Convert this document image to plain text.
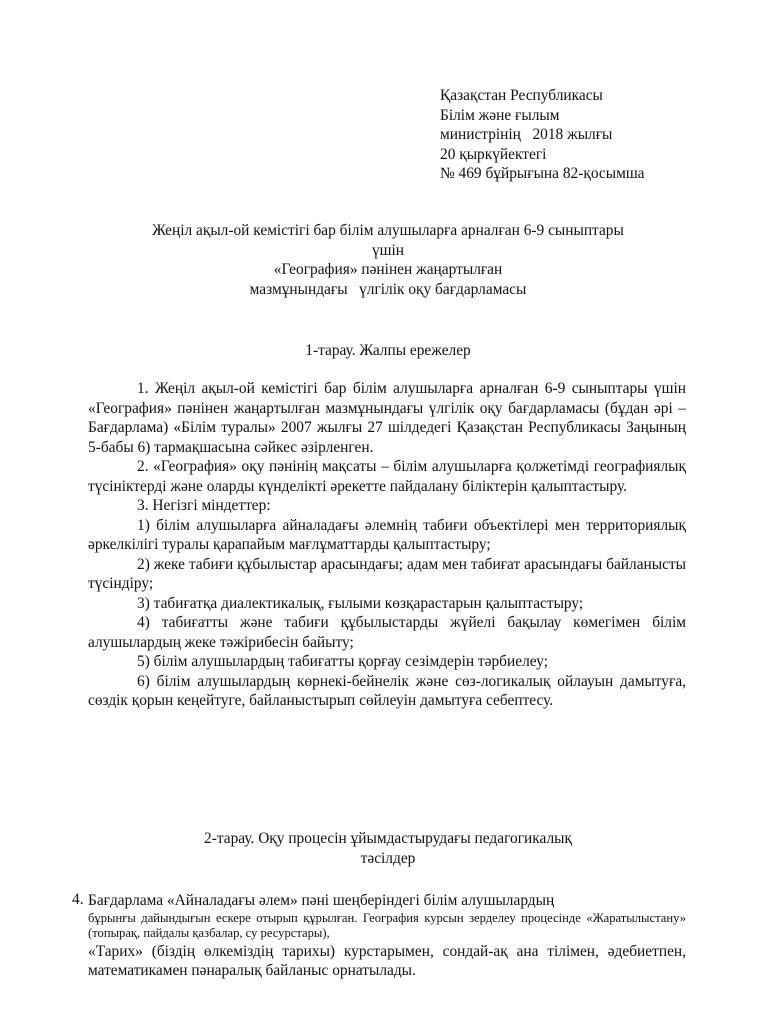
Қазақстан Республикасы
Білім және ғылым
министрінің   2018 жылғы
20 қыркүйектегі
№ 469 бұйрығына 82-қосымша
Жеңіл ақыл-ой кемістігі бар білім алушыларға арналған 6-9 сыныптары
үшін
«География» пәнінен жаңартылған
мазмұнындағы   үлгілік оқу бағдарламасы
1-тарау. Жалпы ережелер

1. Жеңіл ақыл-ой кемістігі бар білім алушыларға арналған 6-9 сыныптары үшін «География» пәнінен жаңартылған мазмұнындағы үлгілік оқу бағдарламасы (бұдан әрі – Бағдарлама) «Білім туралы» 2007 жылғы 27 шілдедегі Қазақстан Республикасы Заңының 5-бабы 6) тармақшасына сәйкес әзірленген.

2. «География» оқу пәнінің мақсаты – білім алушыларға қолжетімді географиялық түсініктерді және оларды күнделікті әрекетте пайдалану біліктерін қалыптастыру.

3. Негізгі міндеттер:

1) білім алушыларға айналадағы әлемнің табиғи объектілері мен территориялық әркелкілігі туралы қарапайым мағлұматтарды қалыптастыру;

2) жеке табиғи құбылыстар арасындағы; адам мен табиғат арасындағы байланысты түсіндіру;

3) табиғатқа диалектикалық, ғылыми көзқарастарын қалыптастыру;

4) табиғатты және табиғи құбылыстарды жүйелі бақылау көмегімен білім алушылардың жеке тәжірибесін байыту;

5) білім алушылардың табиғатты қорғау сезімдерін тәрбиелеу;

6) білім алушылардың көрнекі-бейнелік және сөз-логикалық ойлауын дамытуға, сөздік қорын кеңейтуге, байланыстырып сөйлеуін дамытуға себептесу.

2-тарау. Оқу процесін ұйымдастырудағы педагогикалық
тәсілдер
4. Бағдарлама «Айналадағы әлем» пәні шеңберіндегі білім алушылардың
бұрынғы дайындығын ескере отырып құрылған. География курсын зерделеу процесінде «Жаратылыстану» (топырақ, пайдалы қазбалар, су ресурстары),
«Тарих» (біздің өлкеміздің тарихы) курстарымен, сондай-ақ ана тілімен, әдебиетпен, математикамен пәнаралық байланыс орнатылады.
